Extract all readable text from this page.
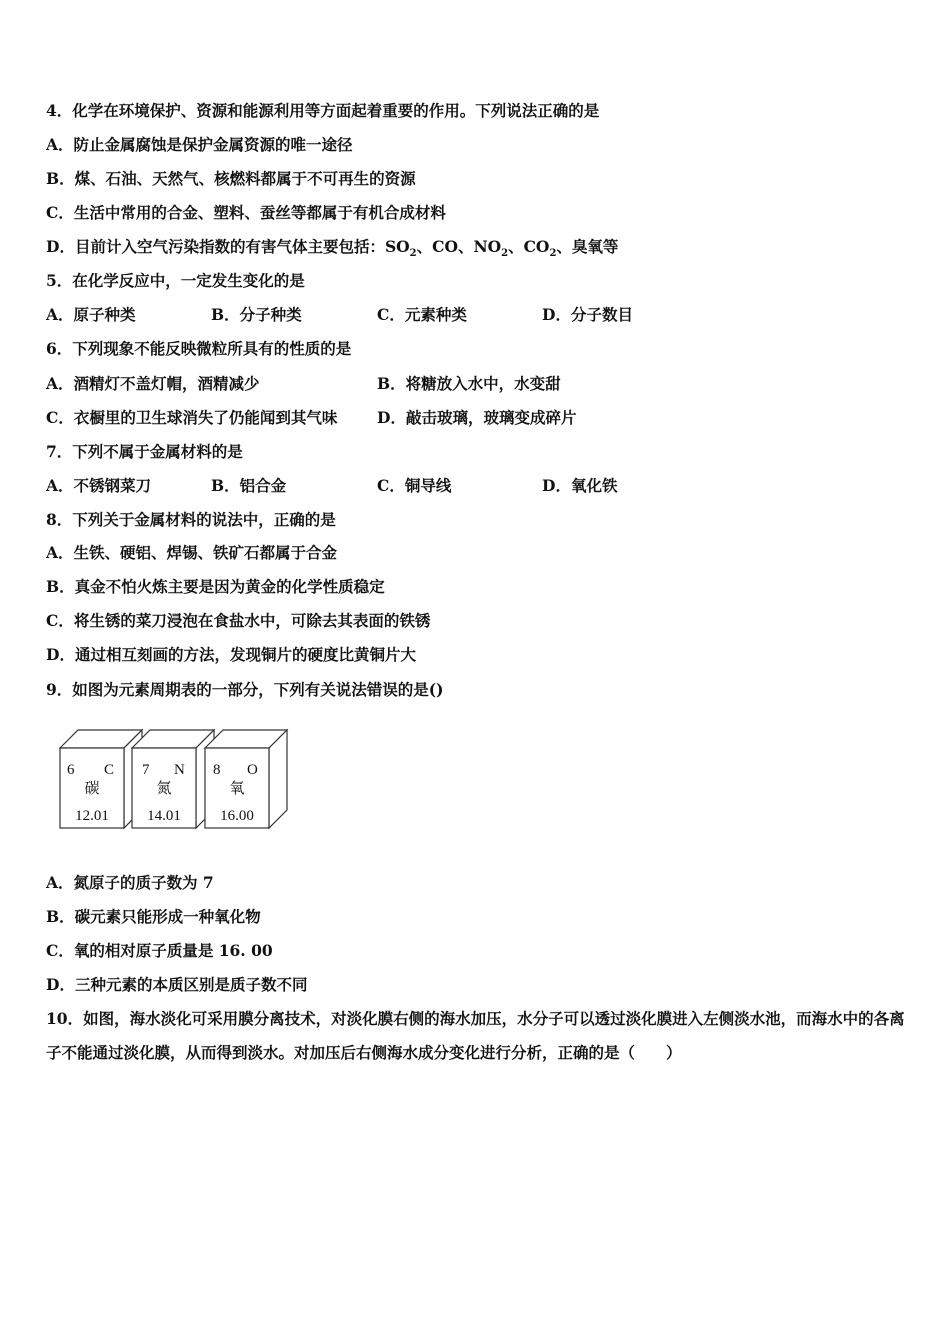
4．化学在环境保护、资源和能源利用等方面起着重要的作用。下列说法正确的是
A．防止金属腐蚀是保护金属资源的唯一途径
B．煤、石油、天然气、核燃料都属于不可再生的资源
C．生活中常用的合金、塑料、蚕丝等都属于有机合成材料
D．目前计入空气污染指数的有害气体主要包括：$SO_2$、CO、$NO_2$、$CO_2$、臭氧等
5．在化学反应中，一定发生变化的是
A．原子种类	B．分子种类	C．元素种类	D．分子数目
6．下列现象不能反映微粒所具有的性质的是
A．酒精灯不盖灯帽，酒精减少	B．将糖放入水中，水变甜
C．衣橱里的卫生球消失了仍能闻到其气味	D．敲击玻璃，玻璃变成碎片
7．下列不属于金属材料的是
A．不锈钢菜刀	B．铝合金	C．铜导线	D．氧化铁
8．下列关于金属材料的说法中，正确的是
A．生铁、硬铝、焊锡、铁矿石都属于合金
B．真金不怕火炼主要是因为黄金的化学性质稳定
C．将生锈的菜刀浸泡在食盐水中，可除去其表面的铁锈
D．通过相互刻画的方法，发现铜片的硬度比黄铜片大
9．如图为元素周期表的一部分，下列有关说法错误的是()
6 C
碳
12.01
7 N
氮
14.01
8 O
氧
16.00
A．氮原子的质子数为 7
B．碳元素只能形成一种氧化物
C．氧的相对原子质量是 16. 00
D．三种元素的本质区别是质子数不同
10．如图，海水淡化可采用膜分离技术，对淡化膜右侧的海水加压，水分子可以透过淡化膜进入左侧淡水池，而海水中的各离子不能通过淡化膜，从而得到淡水。对加压后右侧海水成分变化进行分析，正确的是（　　）
